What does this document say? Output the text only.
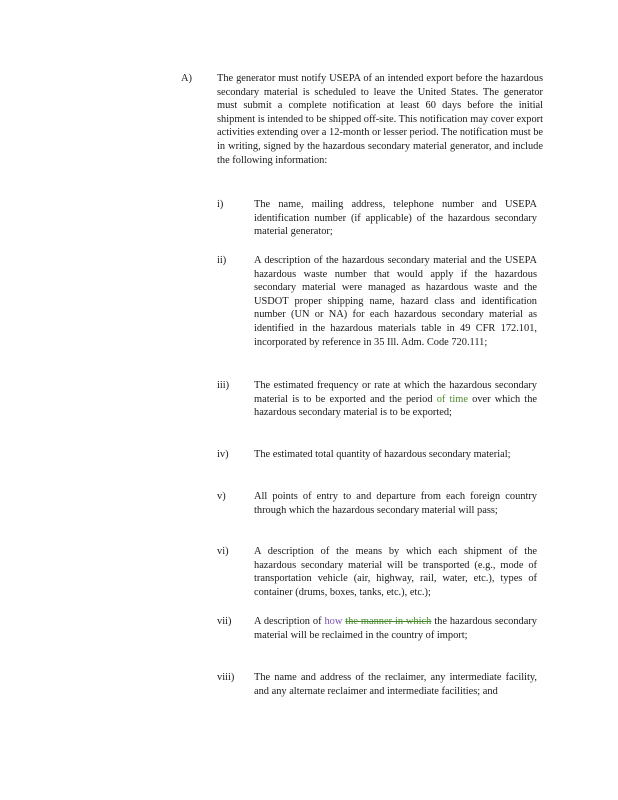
A) The generator must notify USEPA of an intended export before the hazardous secondary material is scheduled to leave the United States. The generator must submit a complete notification at least 60 days before the initial shipment is intended to be shipped off-site. This notification may cover export activities extending over a 12-month or lesser period. The notification must be in writing, signed by the hazardous secondary material generator, and include the following information:
i)	The name, mailing address, telephone number and USEPA identification number (if applicable) of the hazardous secondary material generator;
ii)	A description of the hazardous secondary material and the USEPA hazardous waste number that would apply if the hazardous secondary material were managed as hazardous waste and the USDOT proper shipping name, hazard class and identification number (UN or NA) for each hazardous secondary material as identified in the hazardous materials table in 49 CFR 172.101, incorporated by reference in 35 Ill. Adm. Code 720.111;
iii) The estimated frequency or rate at which the hazardous secondary material is to be exported and the period of time over which the hazardous secondary material is to be exported;
iv) The estimated total quantity of hazardous secondary material;
v)	All points of entry to and departure from each foreign country through which the hazardous secondary material will pass;
vi) A description of the means by which each shipment of the hazardous secondary material will be transported (e.g., mode of transportation vehicle (air, highway, rail, water, etc.), types of container (drums, boxes, tanks, etc.), etc.);
vii) A description of how the manner in which the hazardous secondary material will be reclaimed in the country of import;
viii) The name and address of the reclaimer, any intermediate facility, and any alternate reclaimer and intermediate facilities; and
